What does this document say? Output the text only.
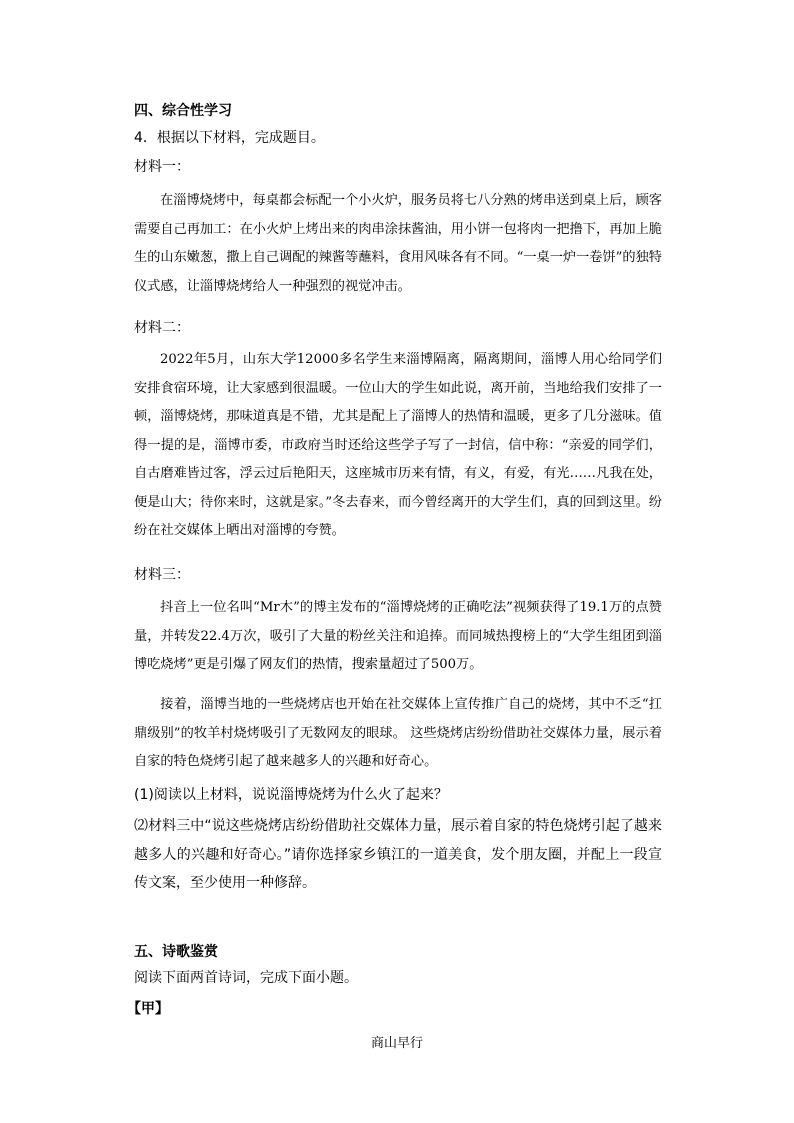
四、综合性学习
4．根据以下材料，完成题目。
材料一：
在淄博烧烤中，每桌都会标配一个小火炉，服务员将七八分熟的烤串送到桌上后，顾客需要自己再加工：在小火炉上烤出来的肉串涂抹酱油，用小饼一包将肉一把撸下，再加上脆生的山东嫩葱，撒上自己调配的辣酱等蘸料，食用风味各有不同。“一桌一炉一卷饼”的独特仪式感，让淄博烧烤给人一种强烈的视觉冲击。
材料二：
2022年5月，山东大学12000多名学生来淄博隔离，隔离期间，淄博人用心给同学们安排食宿环境，让大家感到很温暖。一位山大的学生如此说，离开前，当地给我们安排了一顿，淄博烧烤，那味道真是不错，尤其是配上了淄博人的热情和温暖，更多了几分滋味。值得一提的是，淄博市委，市政府当时还给这些学子写了一封信，信中称：“亲爱的同学们，自古磨难皆过客，浮云过后艳阳天，这座城市历来有情，有义，有爱，有光……凡我在处，便是山大；待你来时，这就是家。”冬去春来，而今曾经离开的大学生们，真的回到这里。纷纷在社交媒体上晒出对淄博的夸赞。
材料三：
抖音上一位名叫“Mr木”的博主发布的“淄博烧烤的正确吃法”视频获得了19.1万的点赞量，并转发22.4万次，吸引了大量的粉丝关注和追捧。而同城热搜榜上的“大学生组团到淄博吃烧烤”更是引爆了网友们的热情，搜索量超过了500万。
接着，淄博当地的一些烧烤店也开始在社交媒体上宣传推广自己的烧烤，其中不乏“扛鼎级别”的牧羊村烧烤吸引了无数网友的眼球。 这些烧烤店纷纷借助社交媒体力量，展示着自家的特色烧烤引起了越来越多人的兴趣和好奇心。
(1)阅读以上材料，说说淄博烧烤为什么火了起来？
⑵材料三中“说这些烧烤店纷纷借助社交媒体力量，展示着自家的特色烧烤引起了越来越多人的兴趣和好奇心。”请你选择家乡镇江的一道美食，发个朋友圈，并配上一段宣传文案，至少使用一种修辞。
五、诗歌鉴赏
阅读下面两首诗词，完成下面小题。
【甲】
商山早行
